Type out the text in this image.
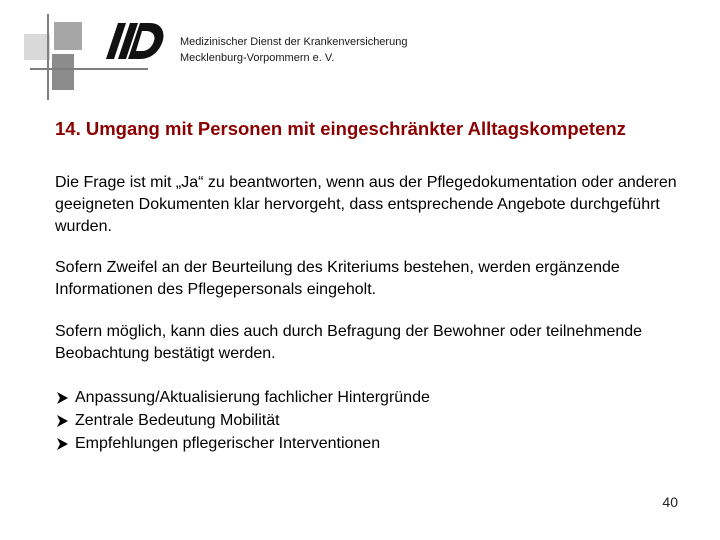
Medizinischer Dienst der Krankenversicherung
Mecklenburg-Vorpommern e. V.
14. Umgang mit Personen mit eingeschränkter Alltagskompetenz
Die Frage ist mit „Ja“ zu beantworten, wenn aus der Pflegedokumentation oder anderen geeigneten Dokumenten klar hervorgeht, dass entsprechende Angebote durchgeführt wurden.
Sofern Zweifel an der Beurteilung des Kriteriums bestehen, werden ergänzende Informationen des Pflegepersonals eingeholt.
Sofern möglich, kann dies auch durch Befragung der Bewohner oder teilnehmende Beobachtung bestätigt werden.
Anpassung/Aktualisierung fachlicher Hintergründe
Zentrale Bedeutung Mobilität
Empfehlungen pflegerischer Interventionen
40
